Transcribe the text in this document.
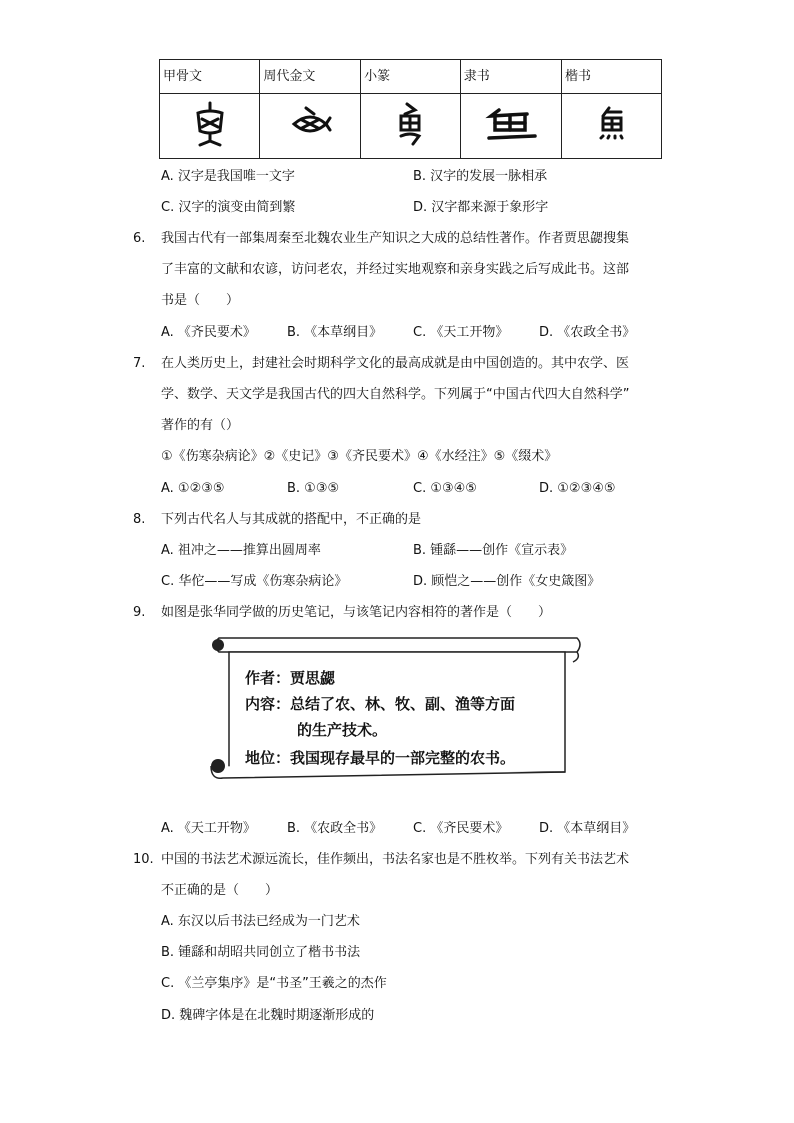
甲骨文	周代金文	小篆	隶书	楷书

A. 汉字是我国唯一文字	B. 汉字的发展一脉相承
C. 汉字的演变由简到繁	D. 汉字都来源于象形字
6. 我国古代有一部集周秦至北魏农业生产知识之大成的总结性著作。作者贾思勰搜集
了丰富的文献和农谚，访问老农，并经过实地观察和亲身实践之后写成此书。这部
书是（　　）
A. 《齐民要术》 B. 《本草纲目》 C. 《天工开物》 D. 《农政全书》
7. 在人类历史上，封建社会时期科学文化的最高成就是由中国创造的。其中农学、医
学、数学、天文学是我国古代的四大自然科学。下列属于“中国古代四大自然科学”
著作的有（）
①《伤寒杂病论》②《史记》③《齐民要术》④《水经注》⑤《缀术》
A. ①②③⑤	B. ①③⑤	C. ①③④⑤	D. ①②③④⑤
8. 下列古代名人与其成就的搭配中，不正确的是
A. 祖冲之——推算出圆周率	B. 锺繇——创作《宣示表》
C. 华佗——写成《伤寒杂病论》	D. 顾恺之——创作《女史箴图》
9. 如图是张华同学做的历史笔记，与该笔记内容相符的著作是（　　）
作者：贾思勰
内容：总结了农、林、牧、副、渔等方面
的生产技术。
地位：我国现存最早的一部完整的农书。
A. 《天工开物》 B. 《农政全书》 C. 《齐民要术》 D. 《本草纲目》
10. 中国的书法艺术源远流长，佳作频出，书法名家也是不胜枚举。下列有关书法艺术
不正确的是（　　）
A. 东汉以后书法已经成为一门艺术
B. 锺繇和胡昭共同创立了楷书书法
C. 《兰亭集序》是“书圣”王羲之的杰作
D. 魏碑字体是在北魏时期逐渐形成的
